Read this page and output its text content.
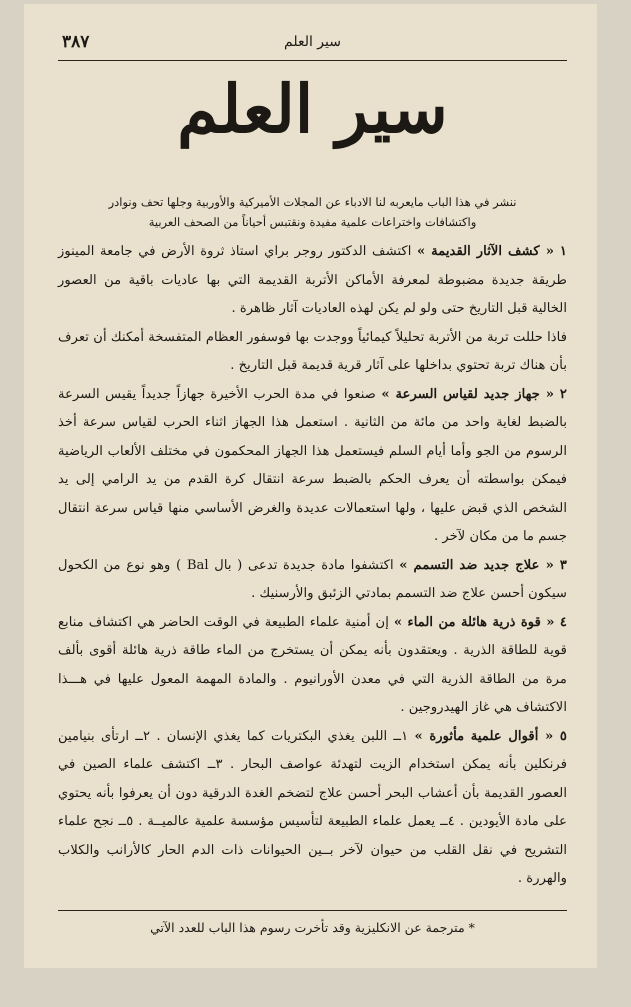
٣٨٧	سير العلم
سير العلم
ننشر في هذا الباب مايعربه لنا الادباء عن المجلات الأميركية والأوربية وجلها تحف ونوادر
واكتشافات واختراعات علمية مفيدة ونقتبس أحياناً من الصحف العربية

١ « كشف الآثار القديمة » اكتشف الدكتور روجر براي استاذ ثروة الأرض في جامعة المينوز طريقة جديدة مضبوطة لمعرفة الأماكن الأتربة القديمة التي بها عاديات باقية من العصور الخالية قبل التاريخ حتى ولو لم يكن لهذه العاديات آثار ظاهرة .

فاذا حللت تربة من الأتربة تحليلاً كيمائياً ووجدت بها فوسفور العظام المتفسخة أمكنك أن تعرف بأن هناك تربة تحتوي بداخلها على آثار قرية قديمة قبل التاريخ .

٢ « جهاز جديد لقياس السرعة » صنعوا في مدة الحرب الأخيرة جهازاً جديداً يقيس السرعة بالضبط لغاية واحد من مائة من الثانية . استعمل هذا الجهاز اثناء الحرب لقياس سرعة أخذ الرسوم من الجو وأما أيام السلم فيستعمل هذا الجهاز المحكمون في مختلف الألعاب الرياضية فيمكن بواسطته أن يعرف الحكم بالضبط سرعة انتقال كرة القدم من يد الرامي إلى يد الشخص الذي قبض عليها ، ولها استعمالات عديدة والغرض الأساسي منها قياس سرعة انتقال جسم ما من مكان لآخر .

٣ « علاج جديد ضد التسمم » اكتشفوا مادة جديدة تدعى ( بال Bal ) وهو نوع من الكحول سيكون أحسن علاج ضد التسمم بمادتي الزئبق والأرسنيك .

٤ « قوة ذرية هائلة من الماء » إن أمنية علماء الطبيعة في الوقت الحاضر هي اكتشاف منابع قوية للطاقة الذرية . ويعتقدون بأنه يمكن أن يستخرج من الماء طاقة ذرية هائلة أقوى بألف مرة من الطاقة الذرية التي في معدن الأورانيوم . والمادة المهمة المعول عليها في هـــذا الاكتشاف هي غاز الهيدروجين .

٥ « أقوال علمية مأثورة » ١ــ اللبن يغذي البكتريات كما يغذي الإنسان . ٢ــ ارتأى بنيامين فرنكلين بأنه يمكن استخدام الزيت لتهدئة عواصف البحار . ٣ــ اكتشف علماء الصين في العصور القديمة بأن أعشاب البحر أحسن علاج لتضخم الغدة الدرقية دون أن يعرفوا بأنه يحتوي على مادة الأيودين . ٤ــ يعمل علماء الطبيعة لتأسيس مؤسسة علمية عالميــة . ٥ــ نجح علماء التشريح في نقل القلب من حيوان لآخر بــين الحيوانات ذات الدم الحار كالأرانب والكلاب والهررة .

* مترجمة عن الانكليزية وقد تأخرت رسوم هذا الباب للعدد الآتي
